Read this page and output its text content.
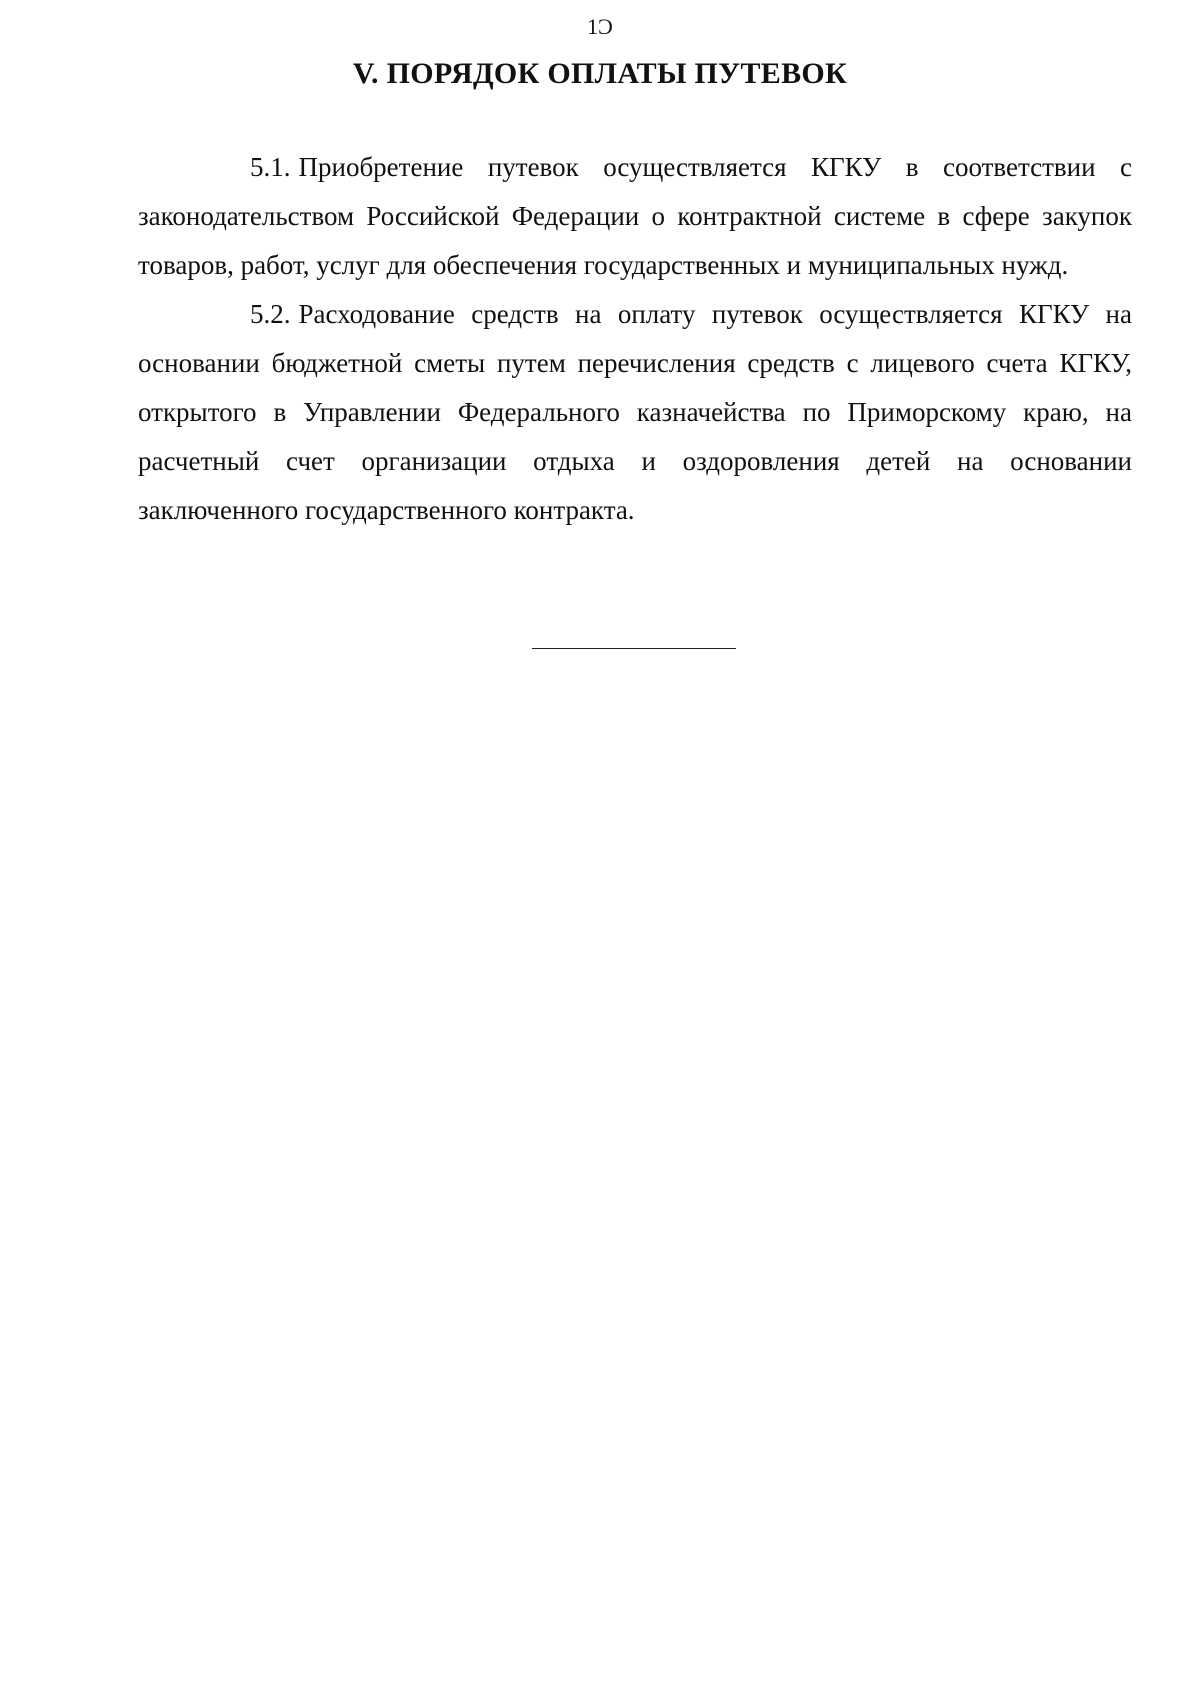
1Ͻ
V. ПОРЯДОК ОПЛАТЫ ПУТЕВОК

5.1. Приобретение путевок осуществляется КГКУ в соответствии с законодательством Российской Федерации о контрактной системе в сфере закупок товаров, работ, услуг для обеспечения государственных и муниципальных нужд.

5.2. Расходование средств на оплату путевок осуществляется КГКУ на основании бюджетной сметы путем перечисления средств с лицевого счета КГКУ, открытого в Управлении Федерального казначейства по Приморскому краю, на расчетный счет организации отдыха и оздоровления детей на основании заключенного государственного контракта.
